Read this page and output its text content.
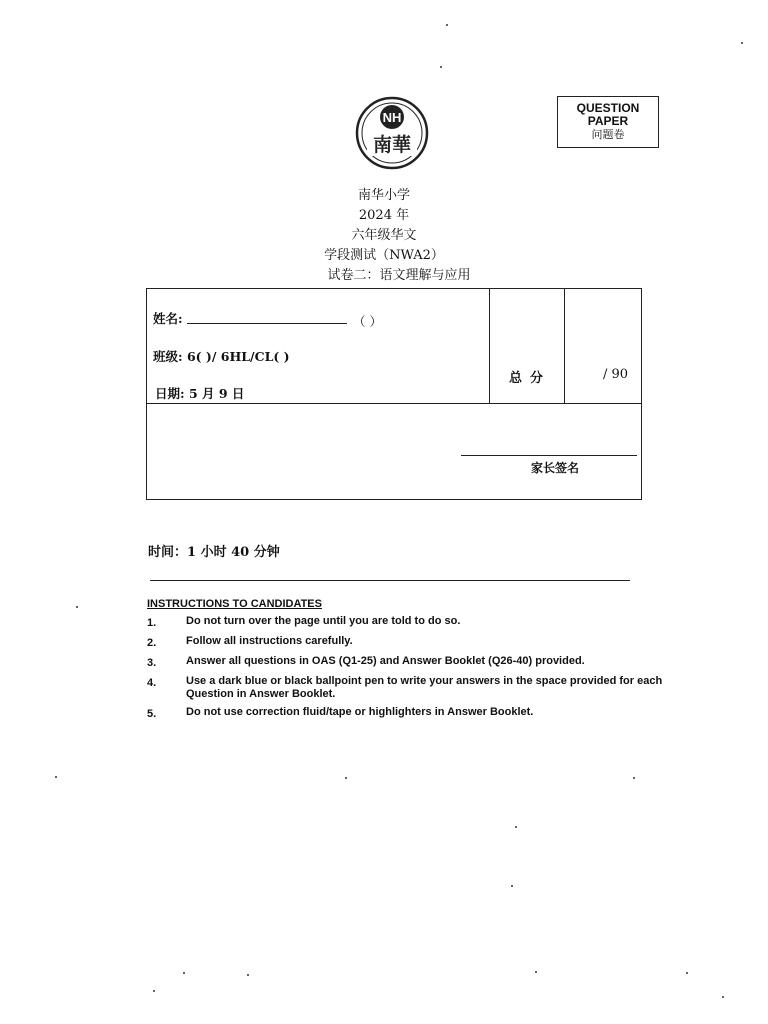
QUESTION
PAPER
问题卷
NH
南華
南华小学
2024 年
六年级华文
学段测试（NWA2）
试卷二：语文理解与应用
姓名:	（ ）
班级: 6( )/ 6HL/CL( )
日期: 5 月 9 日
总分	/ 90
家长签名
时间：1 小时 40 分钟
INSTRUCTIONS TO CANDIDATES
1.	Do not turn over the page until you are told to do so.
2.	Follow all instructions carefully.
3.	Answer all questions in OAS (Q1-25) and Answer Booklet (Q26-40) provided.
4.	Use a dark blue or black ballpoint pen to write your answers in the space provided for each Question in Answer Booklet.
5.	Do not use correction fluid/tape or highlighters in Answer Booklet.
